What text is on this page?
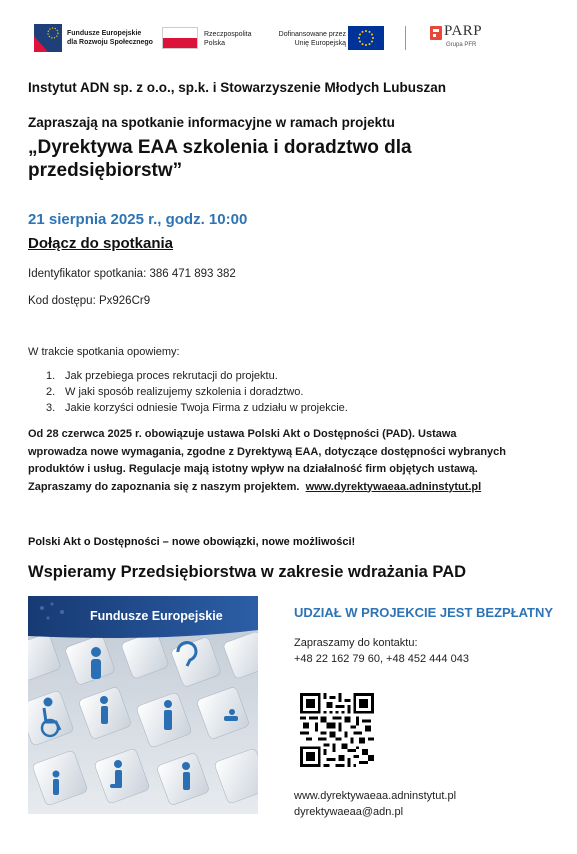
Fundusze Europejskie
dla Rozwoju Społecznego
Rzeczpospolita
Polska
Dofinansowane przez
Unię Europejską
PARP
Grupa PFR
Instytut ADN sp. z o.o., sp.k. i Stowarzyszenie Młodych Lubuszan
Zapraszają na spotkanie informacyjne w ramach projektu
„Dyrektywa EAA szkolenia i doradztwo dla przedsiębiorstw”
21 sierpnia 2025 r., godz. 10:00
Dołącz do spotkania
Identyfikator spotkania: 386 471 893 382
Kod dostępu: Px926Cr9
W trakcie spotkania opowiemy:
1. Jak przebiega proces rekrutacji do projektu.
2. W jaki sposób realizujemy szkolenia i doradztwo.
3. Jakie korzyści odniesie Twoja Firma z udziału w projekcie.
Od 28 czerwca 2025 r. obowiązuje ustawa Polski Akt o Dostępności (PAD). Ustawa
wprowadza nowe wymagania, zgodne z Dyrektywą EAA, dotyczące dostępności wybranych
produktów i usług. Regulacje mają istotny wpływ na działalność firm objętych ustawą.
Zapraszamy do zapoznania się z naszym projektem. www.dyrektywaeaa.adninstytut.pl
Polski Akt o Dostępności – nowe obowiązki, nowe możliwości!
Wspieramy Przedsiębiorstwa w zakresie wdrażania PAD
Fundusze Europejskie	UDZIAŁ W PROJEKCIE JEST BEZPŁATNY
Zapraszamy do kontaktu:
+48 22 162 79 60, +48 452 444 043
www.dyrektywaeaa.adninstytut.pl
dyrektywaeaa@adn.pl
